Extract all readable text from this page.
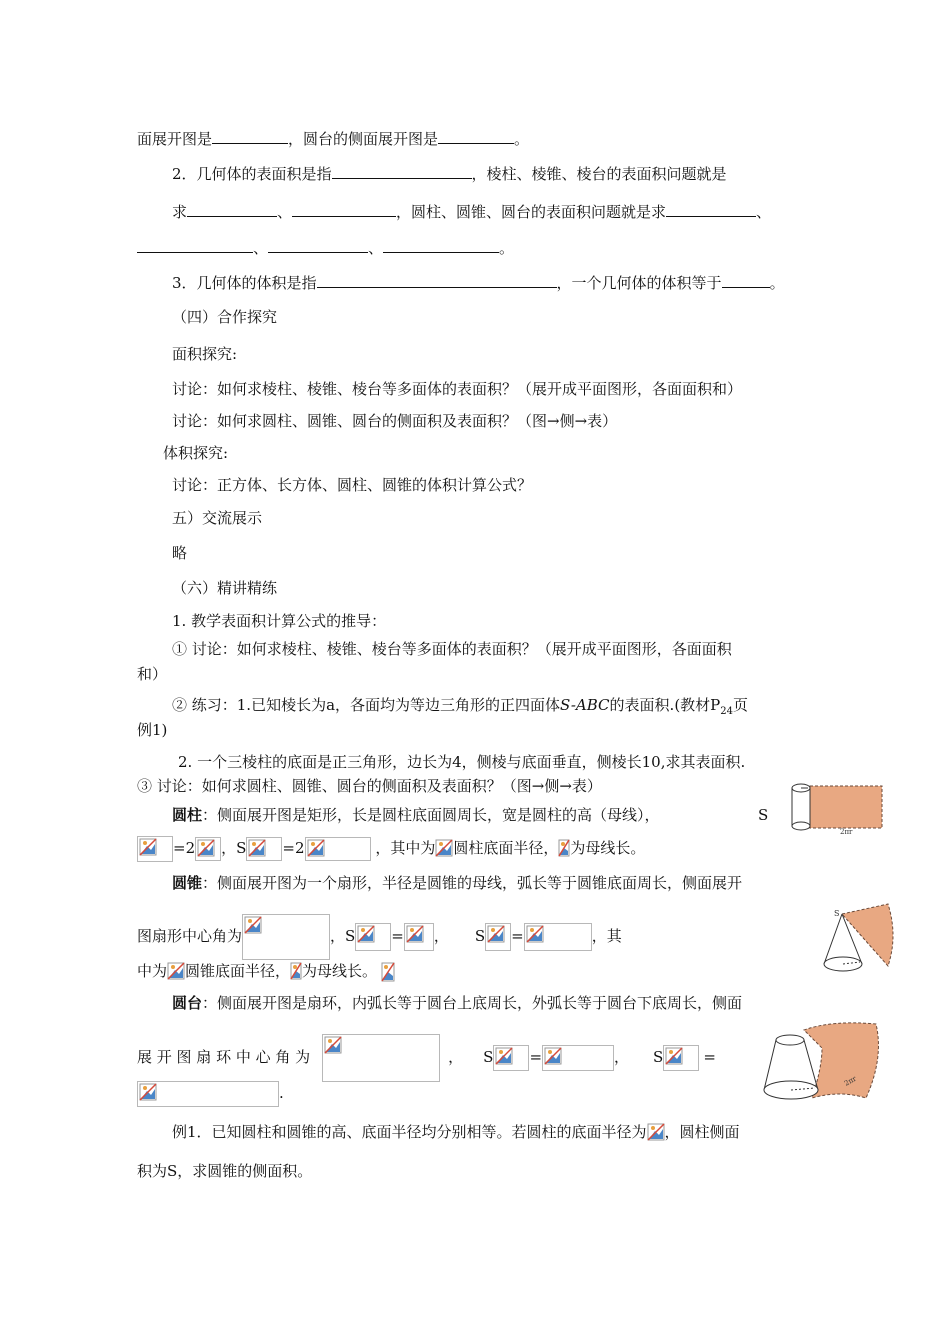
面展开图是	，圆台的侧面展开图是	。
2．几何体的表面积是指	，棱柱、棱锥、棱台的表面积问题就是
求	、	，圆柱、圆锥、圆台的表面积问题就是求	、
、	、	。
3．几何体的体积是指	，一个几何体的体积等于	。
（四）合作探究
面积探究:
讨论：如何求棱柱、棱锥、棱台等多面体的表面积？（展开成平面图形，各面面积和）
讨论：如何求圆柱、圆锥、圆台的侧面积及表面积？（图→侧→表）
体积探究:
讨论：正方体、长方体、圆柱、圆锥的体积计算公式？
五）交流展示
略
（六）精讲精练
1. 教学表面积计算公式的推导：
① 讨论：如何求棱柱、棱锥、棱台等多面体的表面积？（展开成平面图形，各面面积
和）
② 练习：1.已知棱长为a，各面均为等边三角形的正四面体S-ABC的表面积.(教材$P_{24}$页
例1)
2. 一个三棱柱的底面是正三角形，边长为4，侧棱与底面垂直，侧棱长10,求其表面积.
③ 讨论：如何求圆柱、圆锥、圆台的侧面积及表面积？（图→侧→表）
圆柱：侧面展开图是矩形，长是圆柱底面圆周长，宽是圆柱的高（母线），	S
=2 ，S =2	，其中为 圆柱底面半径， 为母线长。
2πr
圆锥：侧面展开图为一个扇形，半径是圆锥的母线，弧长等于圆锥底面周长，侧面展开
图扇形中心角为	，S = ， S =	，其
中为 圆锥底面半径， 为母线长。
S
圆台：侧面展开图是扇环，内弧长等于圆台上底周长，外弧长等于圆台下底周长，侧面
展 开 图 扇 环 中 心 角 为	， S =	， S	=
.
2πr
例1．已知圆柱和圆锥的高、底面半径均分别相等。若圆柱的底面半径为 ，圆柱侧面
积为S，求圆锥的侧面积。
